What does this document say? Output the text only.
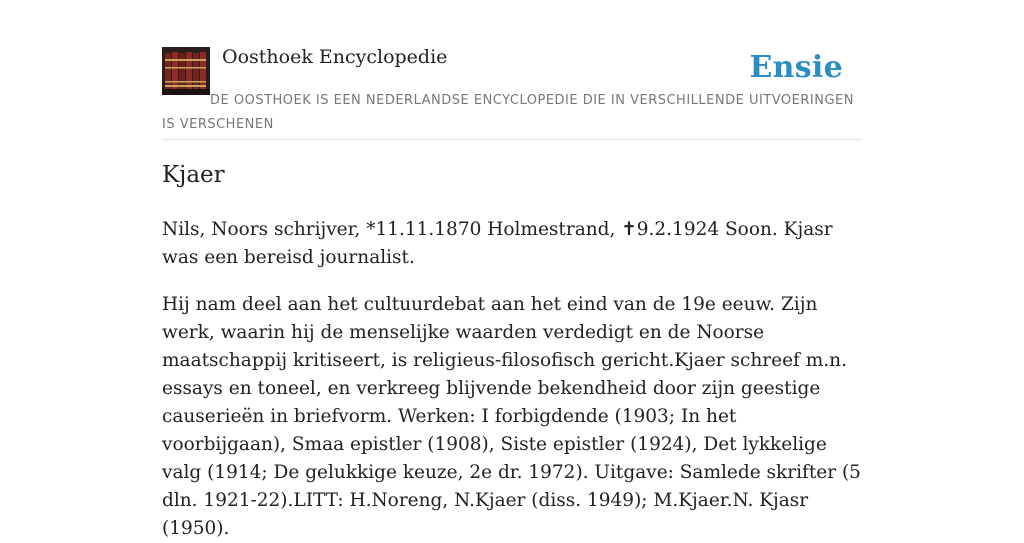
Oosthoek Encyclopedie	Ensie
DE OOSTHOEK IS EEN NEDERLANDSE ENCYCLOPEDIE DIE IN VERSCHILLENDE UITVOERINGEN IS VERSCHENEN
Kjaer

Nils, Noors schrijver, *11.11.1870 Holmestrand, ✝9.2.1924 Soon. Kjasr was een bereisd journalist.

Hij nam deel aan het cultuurdebat aan het eind van de 19e eeuw. Zijn werk, waarin hij de menselijke waarden verdedigt en de Noorse maatschappij kritiseert, is religieus-filosofisch gericht.Kjaer schreef m.n. essays en toneel, en verkreeg blijvende bekendheid door zijn geestige causerieën in briefvorm. Werken: I forbigdende (1903; In het voorbijgaan), Smaa epistler (1908), Siste epistler (1924), Det lykkelige valg (1914; De gelukkige keuze, 2e dr. 1972). Uitgave: Samlede skrifter (5 dln. 1921-22).LITT: H.Noreng, N.Kjaer (diss. 1949); M.Kjaer.N. Kjasr (1950).
